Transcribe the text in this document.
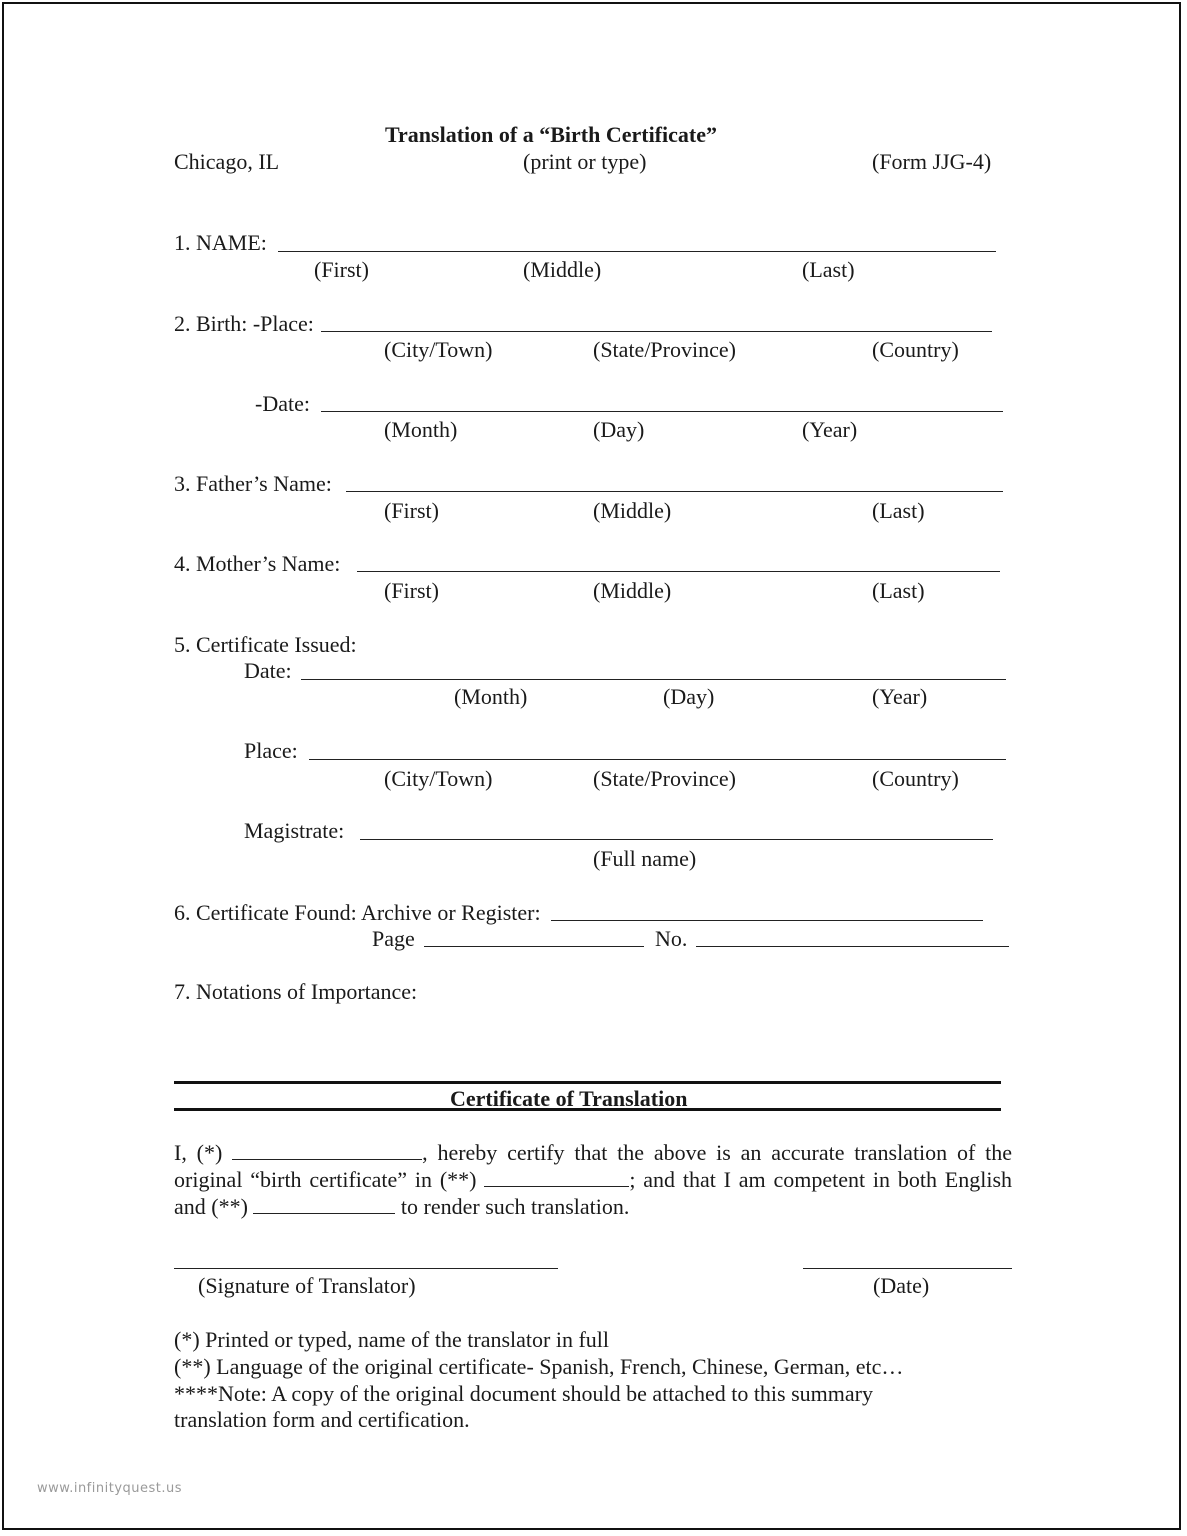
Translation of a “Birth Certificate”
Chicago, IL	(print or type)	(Form JJG-4)
1. NAME:
(First)	(Middle)	(Last)
2. Birth: -Place:
(City/Town)	(State/Province)	(Country)
-Date:
(Month)	(Day)	(Year)
3. Father’s Name:
(First)	(Middle)	(Last)
4. Mother’s Name:
(First)	(Middle)	(Last)
5. Certificate Issued:
Date:
(Month)	(Day)	(Year)
Place:
(City/Town)	(State/Province)	(Country)
Magistrate:
(Full name)
6. Certificate Found: Archive or Register:
Page	No.
7. Notations of Importance:
Certificate of Translation
I, (*)	, hereby certify that the above is an accurate translation of the original “birth certificate” in (**)	; and that I am competent in both English and (**)	to render such translation.
(Signature of Translator)	(Date)
(*) Printed or typed, name of the translator in full
(**) Language of the original certificate- Spanish, French, Chinese, German, etc…
****Note: A copy of the original document should be attached to this summary
translation form and certification.
www.infinityquest.us
